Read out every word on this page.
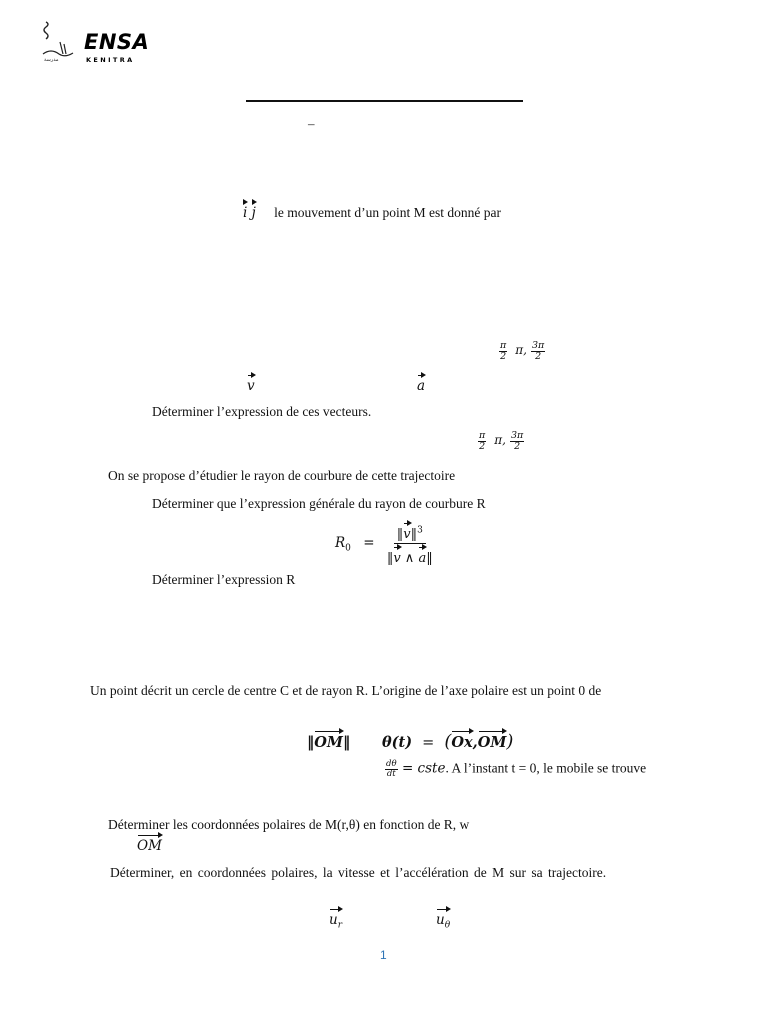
ﻣﺪﺭﺳﺔ
ENSA
KENITRA
–
i j le mouvement d’un point M est donné par
$\frac{\pi}{2} \pi$, $\frac{3\pi}{2}$
v	a
Déterminer l’expression de ces vecteurs.
$\frac{\pi}{2} \pi$, $\frac{3\pi}{2}$
On se propose d’étudier le rayon de courbure de cette trajectoire
Déterminer que l’expression générale du rayon de courbure R
$R_0 = \frac{‖v‖^3}{‖v \wedge a‖}$
Déterminer l’expression R
Un point décrit un cercle de centre C et de rayon R. L’origine de l’axe polaire est un point 0 de
‖OM‖ θ(t) = (Ox,OM)
$\frac{d\theta}{dt}$ = cste. A l’instant t = 0, le mobile se trouve
Déterminer les coordonnées polaires de M(r,θ) en fonction de R, w
OM
Déterminer, en coordonnées polaires, la vitesse et l’accélération de M sur sa trajectoire.
$u_r$	$u_\theta$
1
